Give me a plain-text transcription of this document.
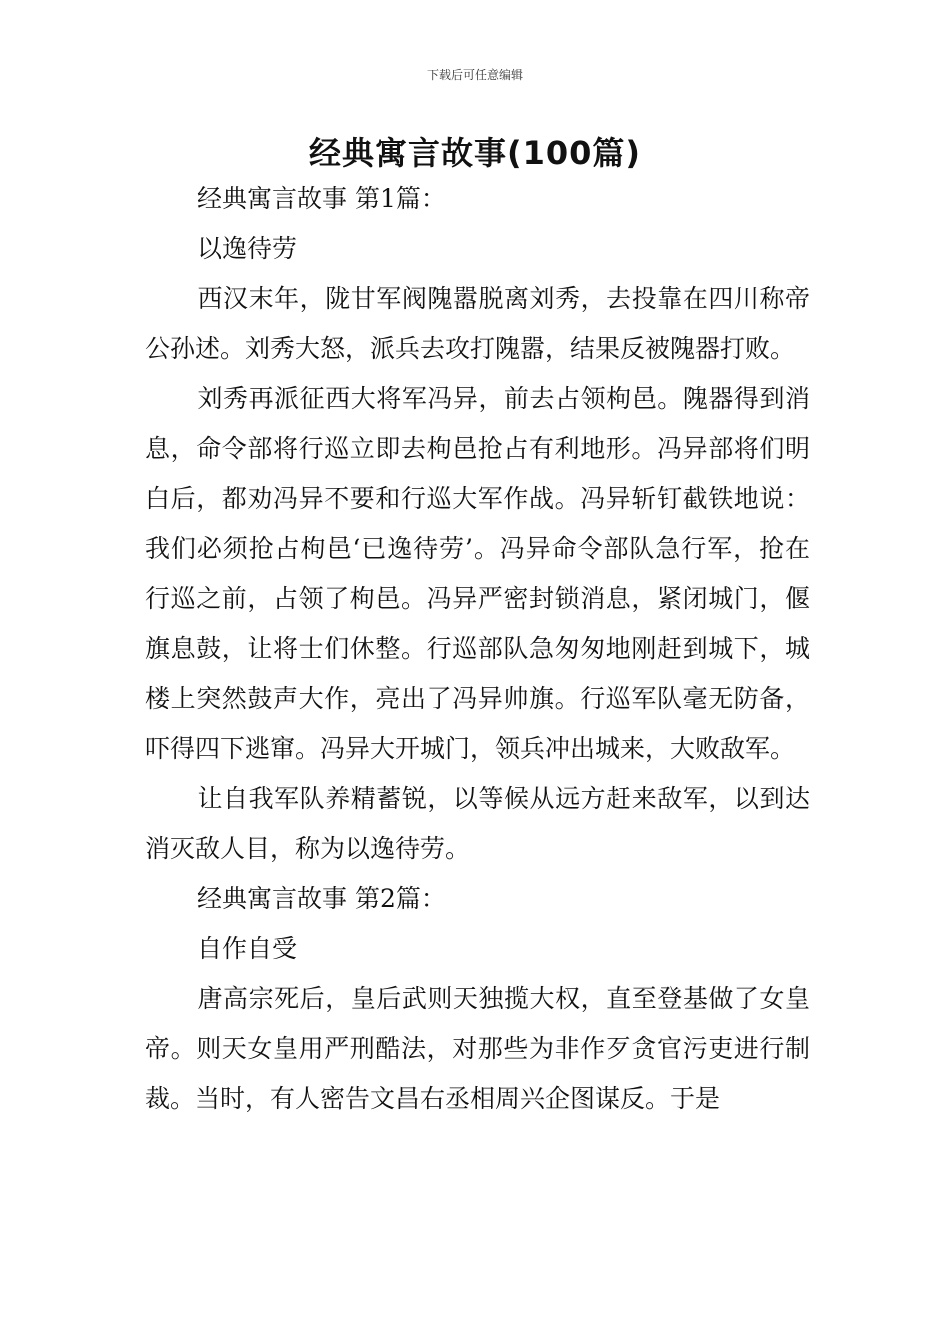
下载后可任意编辑
经典寓言故事(100篇)
经典寓言故事 第1篇：
以逸待劳

西汉末年，陇甘军阀隗嚣脱离刘秀，去投靠在四川称帝公孙述。刘秀大怒，派兵去攻打隗嚣，结果反被隗器打败。

刘秀再派征西大将军冯异，前去占领枸邑。隗器得到消息，命令部将行巡立即去枸邑抢占有利地形。冯异部将们明白后，都劝冯异不要和行巡大军作战。冯异斩钉截铁地说：我们必须抢占枸邑‘已逸待劳’。冯异命令部队急行军，抢在行巡之前，占领了枸邑。冯异严密封锁消息，紧闭城门，偃旗息鼓，让将士们休整。行巡部队急匆匆地刚赶到城下，城楼上突然鼓声大作，亮出了冯异帅旗。行巡军队毫无防备，吓得四下逃窜。冯异大开城门，领兵冲出城来，大败敌军。

让自我军队养精蓄锐，以等候从远方赶来敌军，以到达消灭敌人目，称为以逸待劳。

经典寓言故事 第2篇：
自作自受

唐高宗死后，皇后武则天独揽大权，直至登基做了女皇帝。则天女皇用严刑酷法，对那些为非作歹贪官污吏进行制裁。当时，有人密告文昌右丞相周兴企图谋反。于是
